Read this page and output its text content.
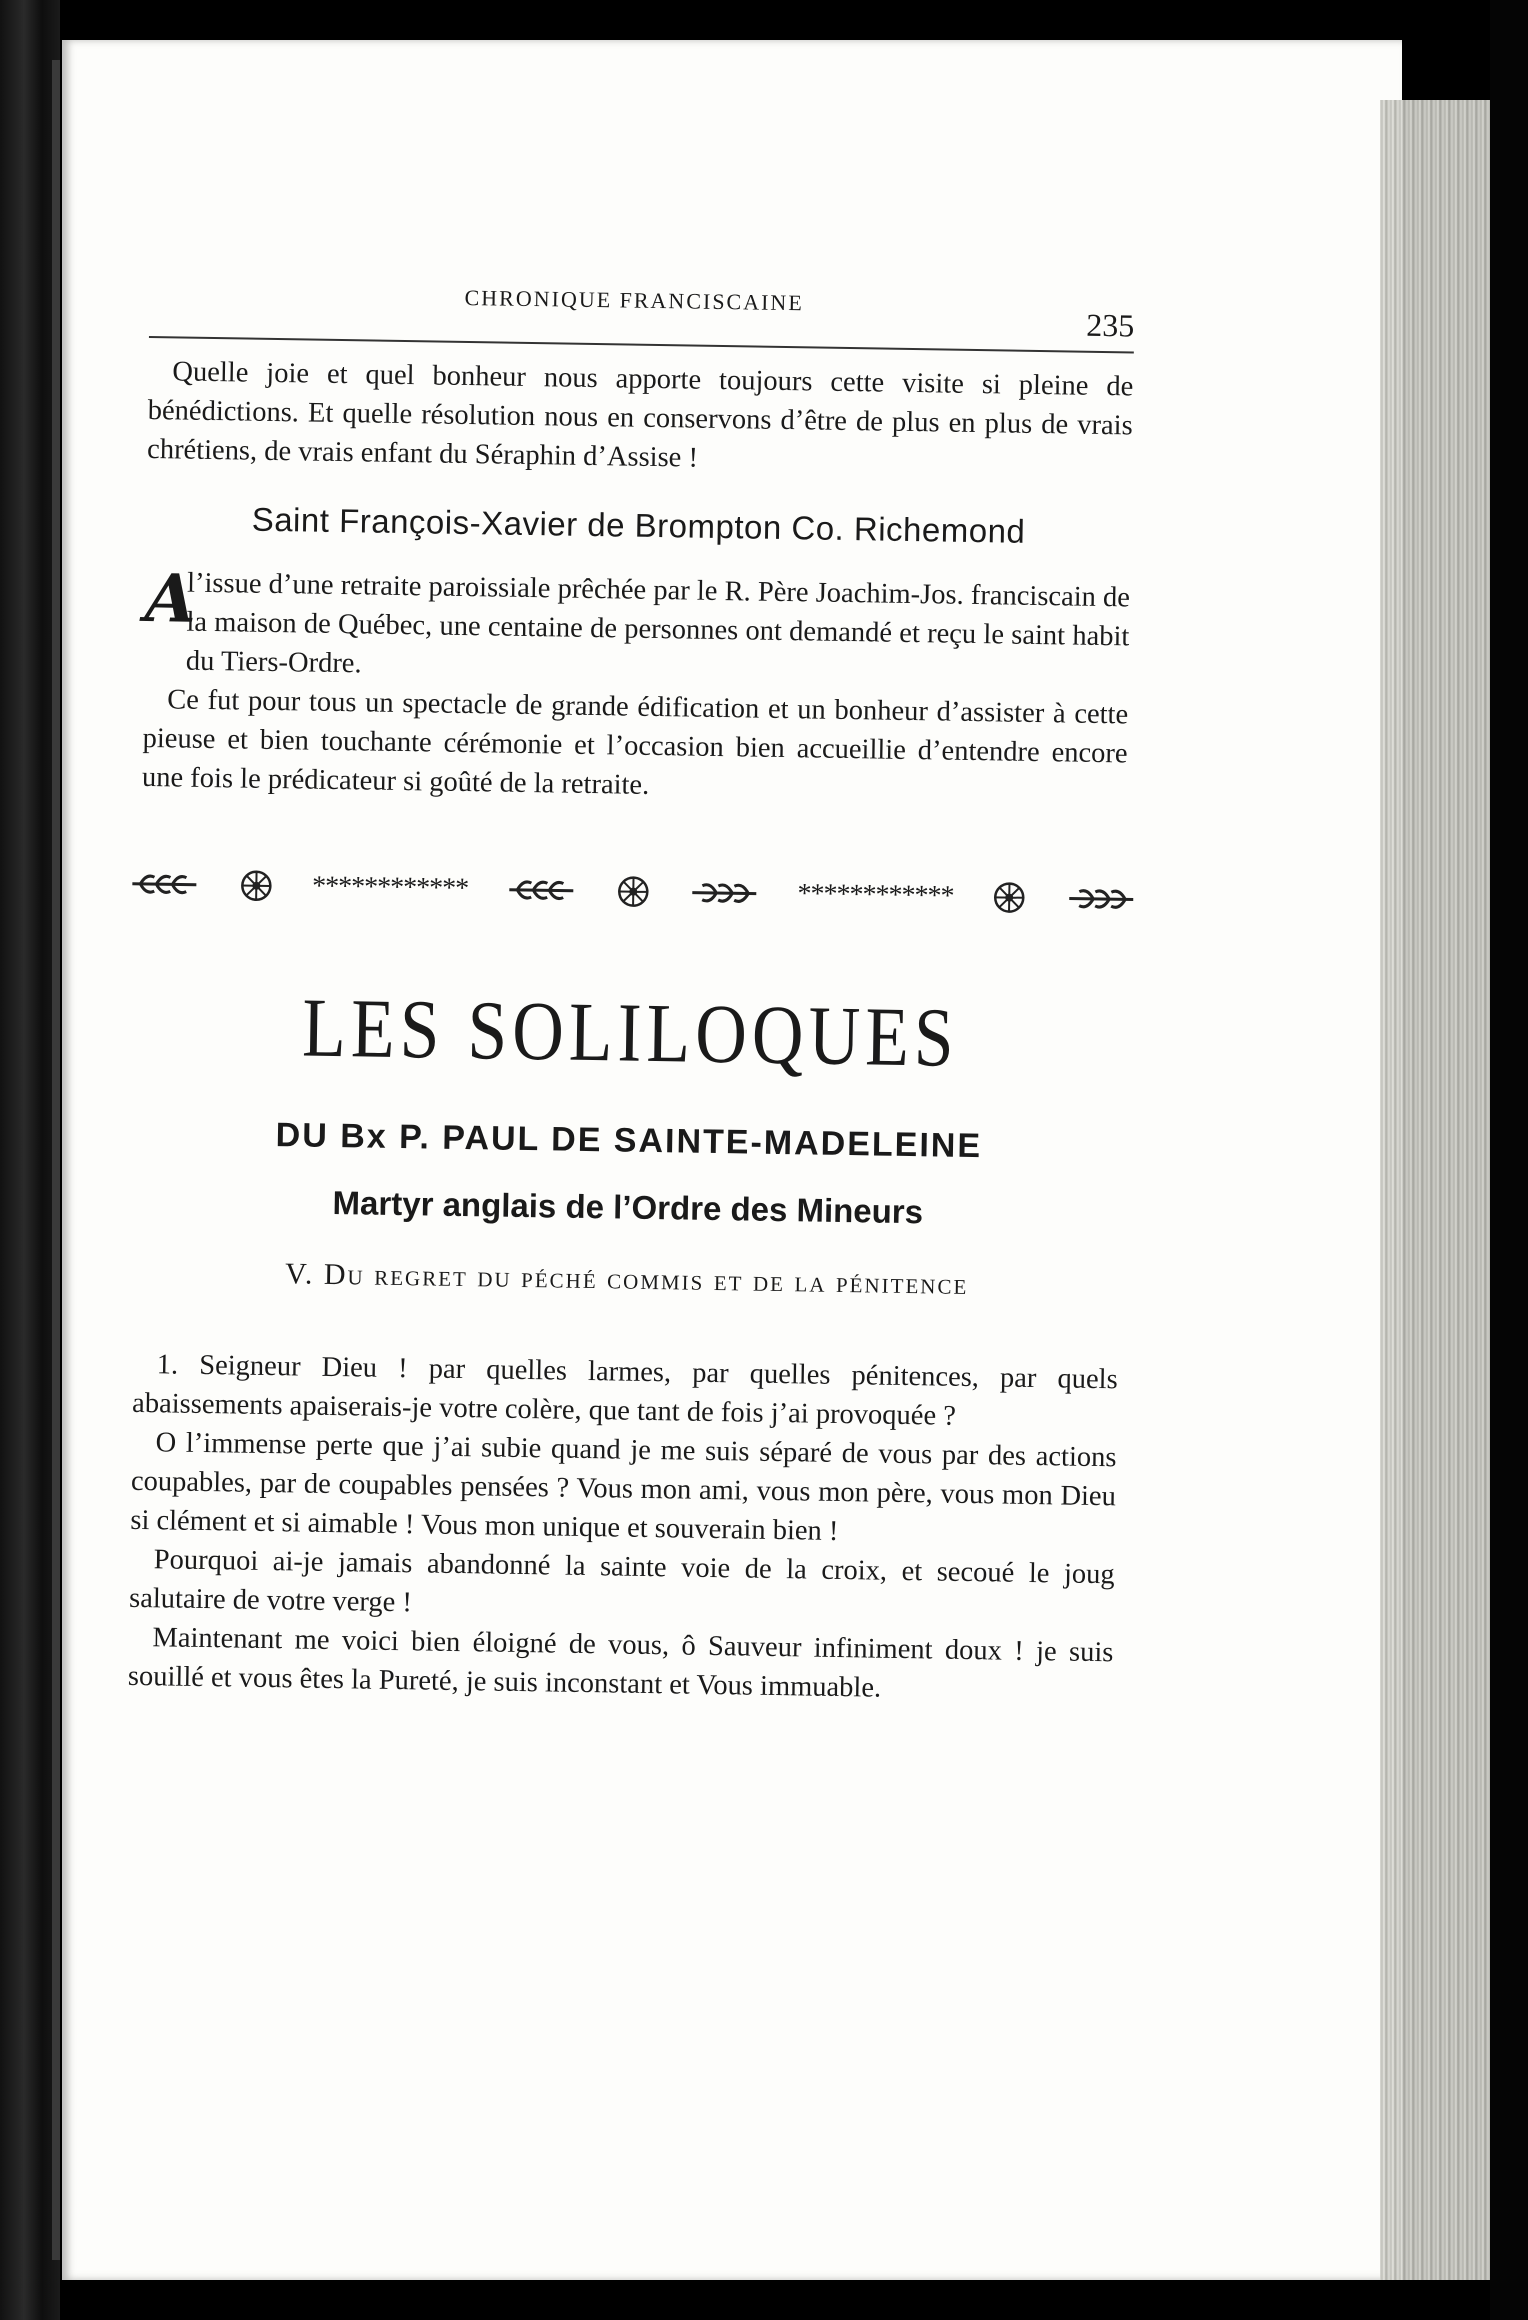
CHRONIQUE FRANCISCAINE
235

Quelle joie et quel bonheur nous apporte toujours cette visite si pleine de bénédictions. Et quelle résolution nous en conservons d’être de plus en plus de vrais chrétiens, de vrais enfant du Séraphin d’Assise !

Saint François-Xavier de Brompton Co. Richemond

A
l’issue d’une retraite paroissiale prêchée par le R. Père Joachim-Jos. franciscain de la maison de Québec, une centaine de personnes ont demandé et reçu le saint habit du Tiers-Ordre.

Ce fut pour tous un spectacle de grande édification et un bonheur d’assister à cette pieuse et bien touchante cérémonie et l’occasion bien accueillie d’entendre encore une fois le prédicateur si goûté de la retraite.

************	************
LES SOLILOQUES
DU Bx P. PAUL DE SAINTE-MADELEINE
Martyr anglais de l’Ordre des Mineurs
V. Du regret du péché commis et de la pénitence

1. Seigneur Dieu ! par quelles larmes, par quelles pénitences, par quels abaissements apaiserais-je votre colère, que tant de fois j’ai provoquée ?

O l’immense perte que j’ai subie quand je me suis séparé de vous par des actions coupables, par de coupables pensées ? Vous mon ami, vous mon père, vous mon Dieu si clément et si aimable ! Vous mon unique et souverain bien !

Pourquoi ai-je jamais abandonné la sainte voie de la croix, et secoué le joug salutaire de votre verge !

Maintenant me voici bien éloigné de vous, ô Sauveur infiniment doux ! je suis souillé et vous êtes la Pureté, je suis inconstant et Vous immuable.
